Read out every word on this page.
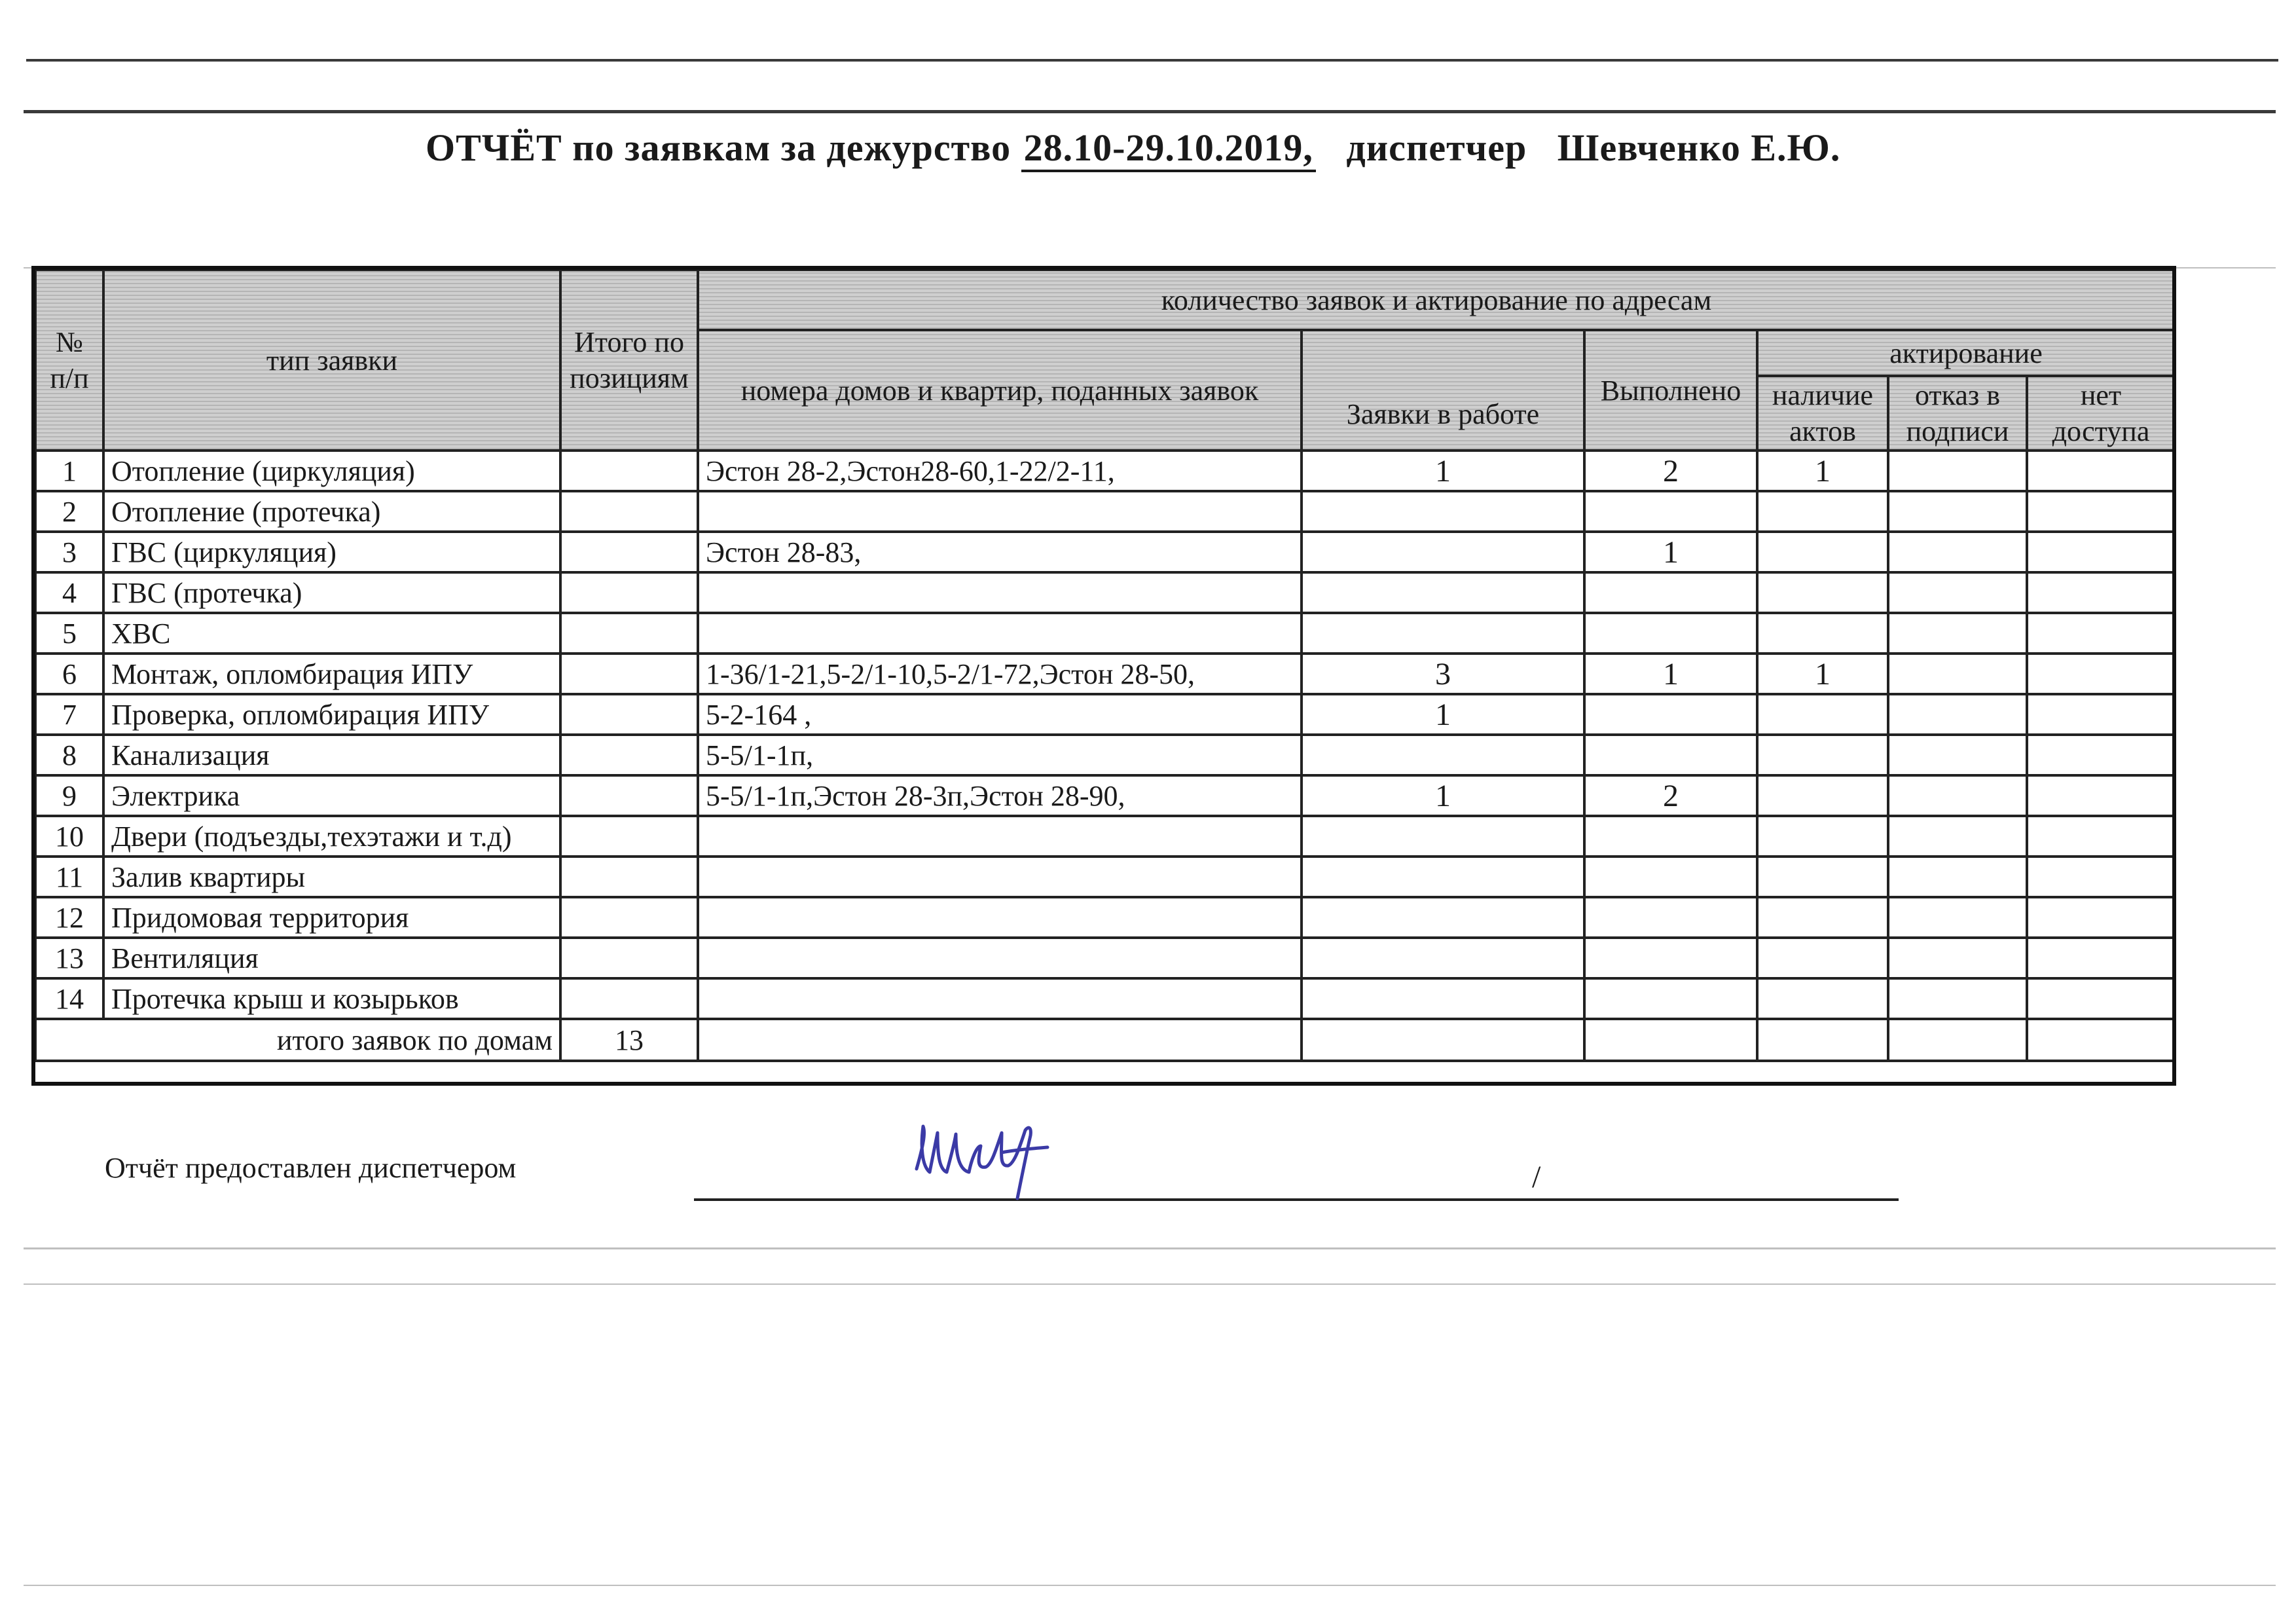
ОТЧЁТ по заявкам за дежурство 28.10-29.10.2019, диспетчер Шевченко Е.Ю.
№ п/п	тип заявки	Итого по позициям	количество заявок и актирование по адресам					
			номера домов и квартир, поданных заявок	Заявки в работе	Выполнено	актирование		
						наличие актов	отказ в подписи	нет доступа
1	Отопление (циркуляция)		Эстон 28-2,Эстон28-60,1-22/2-11,	1	2	1		
2	Отопление (протечка)							
3	ГВС (циркуляция)		Эстон 28-83,		1			
4	ГВС (протечка)							
5	ХВС							
6	Монтаж, опломбирация ИПУ		1-36/1-21,5-2/1-10,5-2/1-72,Эстон 28-50,	3	1	1		
7	Проверка, опломбирация ИПУ		5-2-164 ,	1				
8	Канализация		5-5/1-1п,					
9	Электрика		5-5/1-1п,Эстон 28-3п,Эстон 28-90,	1	2			
10	Двери (подъезды,техэтажи и т.д)							
11	Залив квартиры							
12	Придомовая территория							
13	Вентиляция							
14	Протечка крыш и козырьков							
итого заявок по домам		13						
Отчёт предоставлен диспетчером	/
